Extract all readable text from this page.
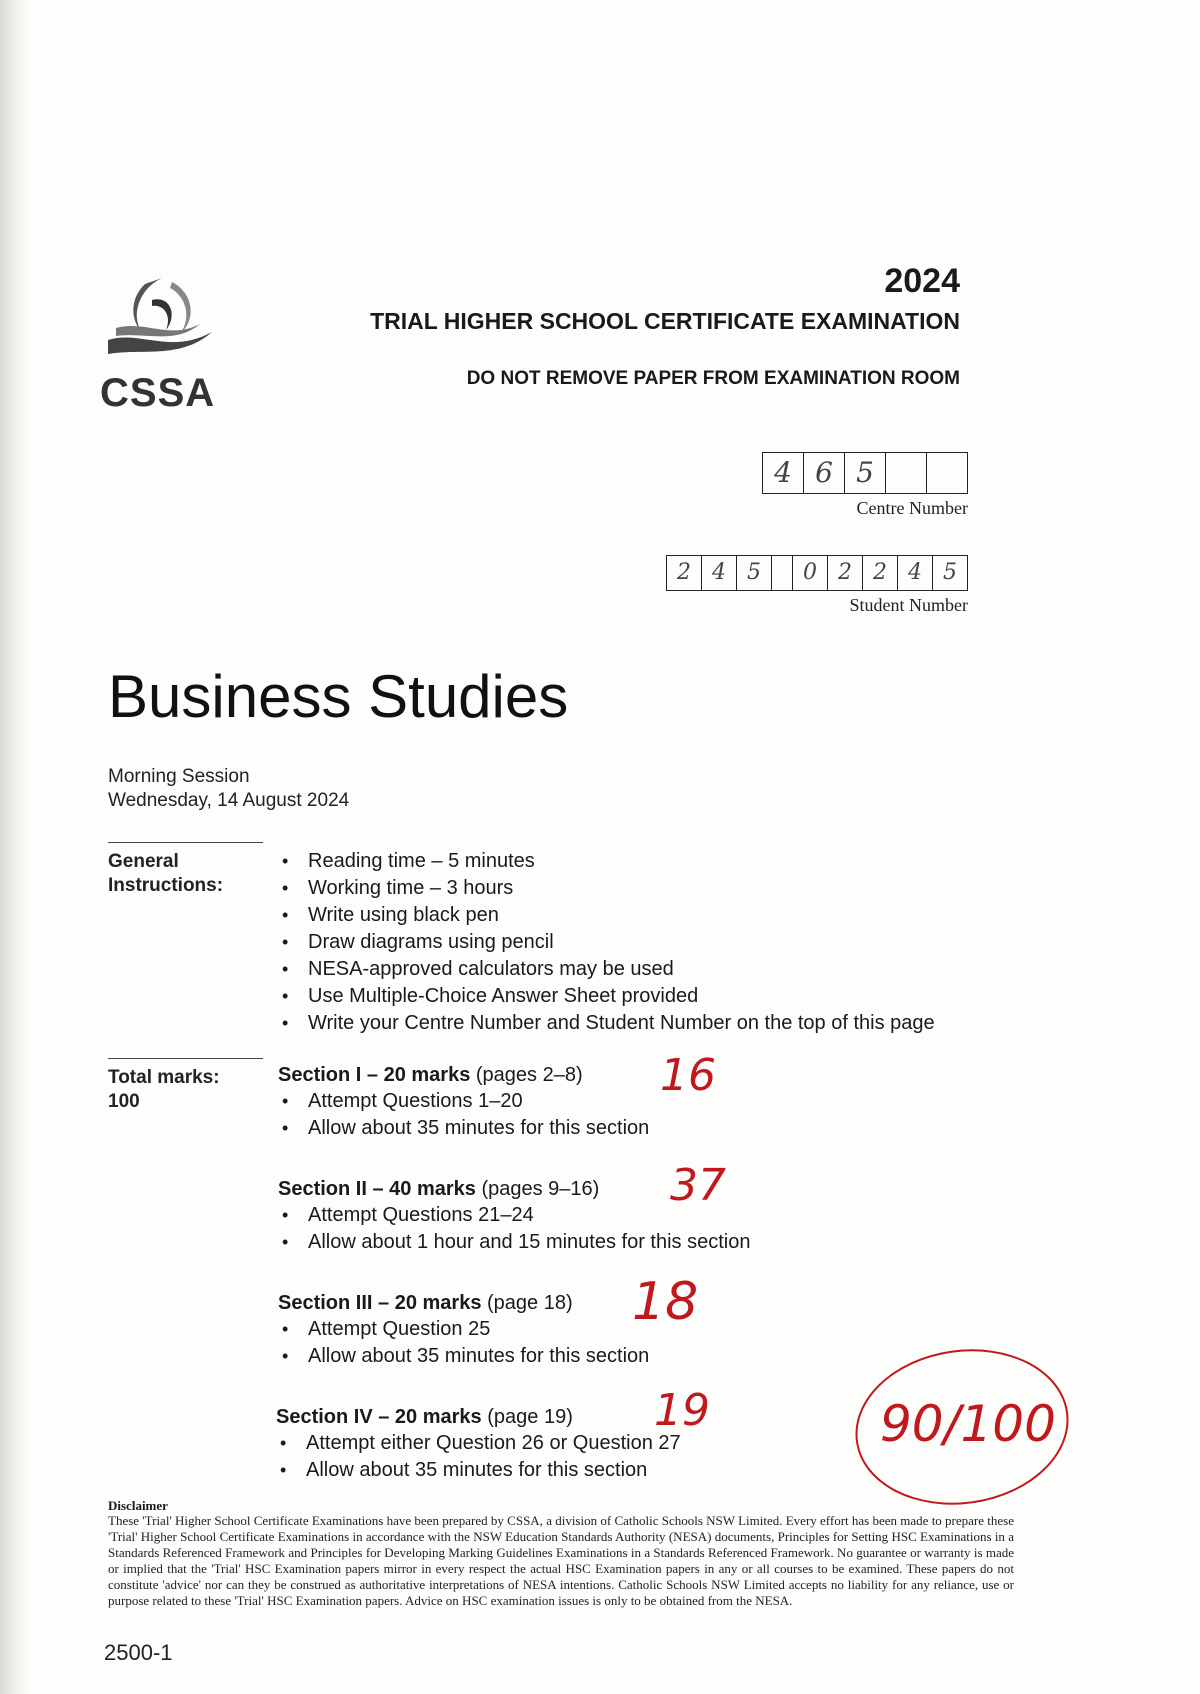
CSSA
2024
TRIAL HIGHER SCHOOL CERTIFICATE EXAMINATION
DO NOT REMOVE PAPER FROM EXAMINATION ROOM
4 6 5
Centre Number
2 4 5	0 2 2 4 5
Student Number
Business Studies
Morning Session
Wednesday, 14 August 2024
General
Instructions:
• Reading time – 5 minutes
• Working time – 3 hours
• Write using black pen
• Draw diagrams using pencil
• NESA-approved calculators may be used
• Use Multiple-Choice Answer Sheet provided
• Write your Centre Number and Student Number on the top of this page
Total marks:
100
Section I – 20 marks (pages 2–8)
• Attempt Questions 1–20
• Allow about 35 minutes for this section
Section II – 40 marks (pages 9–16)
• Attempt Questions 21–24
• Allow about 1 hour and 15 minutes for this section
Section III – 20 marks (page 18)
• Attempt Question 25
• Allow about 35 minutes for this section
Section IV – 20 marks (page 19)
• Attempt either Question 26 or Question 27
• Allow about 35 minutes for this section
16
37
18
19	90/100
Disclaimer
These 'Trial' Higher School Certificate Examinations have been prepared by CSSA, a division of Catholic Schools NSW Limited. Every effort has been made to prepare these 'Trial' Higher School Certificate Examinations in accordance with the NSW Education Standards Authority (NESA) documents, Principles for Setting HSC Examinations in a Standards Referenced Framework and Principles for Developing Marking Guidelines Examinations in a Standards Referenced Framework. No guarantee or warranty is made or implied that the 'Trial' HSC Examination papers mirror in every respect the actual HSC Examination papers in any or all courses to be examined. These papers do not constitute 'advice' nor can they be construed as authoritative interpretations of NESA intentions. Catholic Schools NSW Limited accepts no liability for any reliance, use or purpose related to these 'Trial' HSC Examination papers. Advice on HSC examination issues is only to be obtained from the NESA.
2500-1
